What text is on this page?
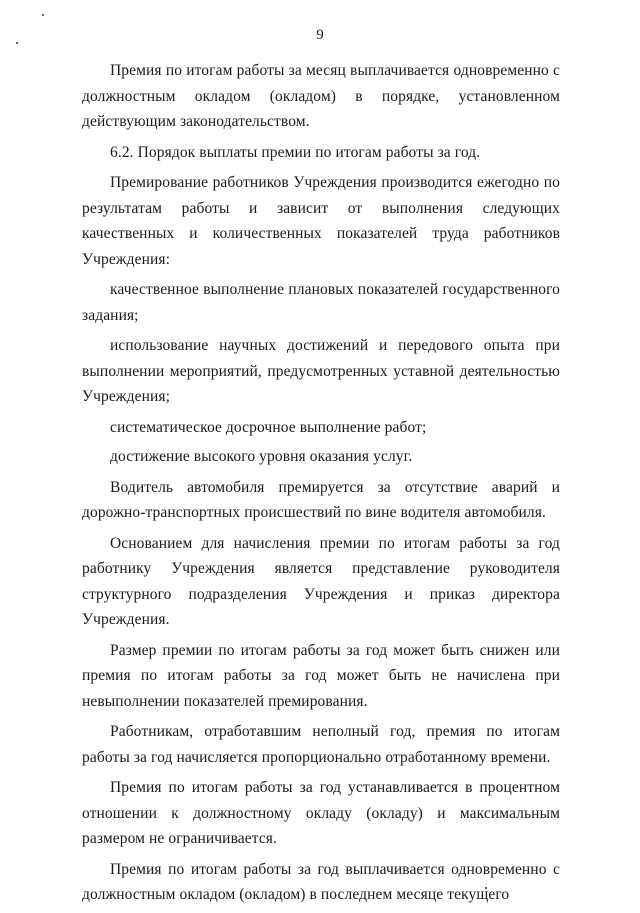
9

Премия по итогам работы за месяц выплачивается одновременно с должностным окладом (окладом) в порядке, установленном действующим законодательством.

6.2. Порядок выплаты премии по итогам работы за год.

Премирование работников Учреждения производится ежегодно по результатам работы и зависит от выполнения следующих качественных и количественных показателей труда работников Учреждения:

качественное выполнение плановых показателей государственного задания;

использование научных достижений и передового опыта при выполнении мероприятий, предусмотренных уставной деятельностью Учреждения;

систематическое досрочное выполнение работ;

достижение высокого уровня оказания услуг.

Водитель автомобиля премируется за отсутствие аварий и дорожно-транспортных происшествий по вине водителя автомобиля.

Основанием для начисления премии по итогам работы за год работнику Учреждения является представление руководителя структурного подразделения Учреждения и приказ директора Учреждения.

Размер премии по итогам работы за год может быть снижен или премия по итогам работы за год может быть не начислена при невыполнении показателей премирования.

Работникам, отработавшим неполный год, премия по итогам работы за год начисляется пропорционально отработанному времени.

Премия по итогам работы за год устанавливается в процентном отношении к должностному окладу (окладу) и максимальным размером не ограничивается.

Премия по итогам работы за год выплачивается одновременно с должностным окладом (окладом) в последнем месяце текущего
